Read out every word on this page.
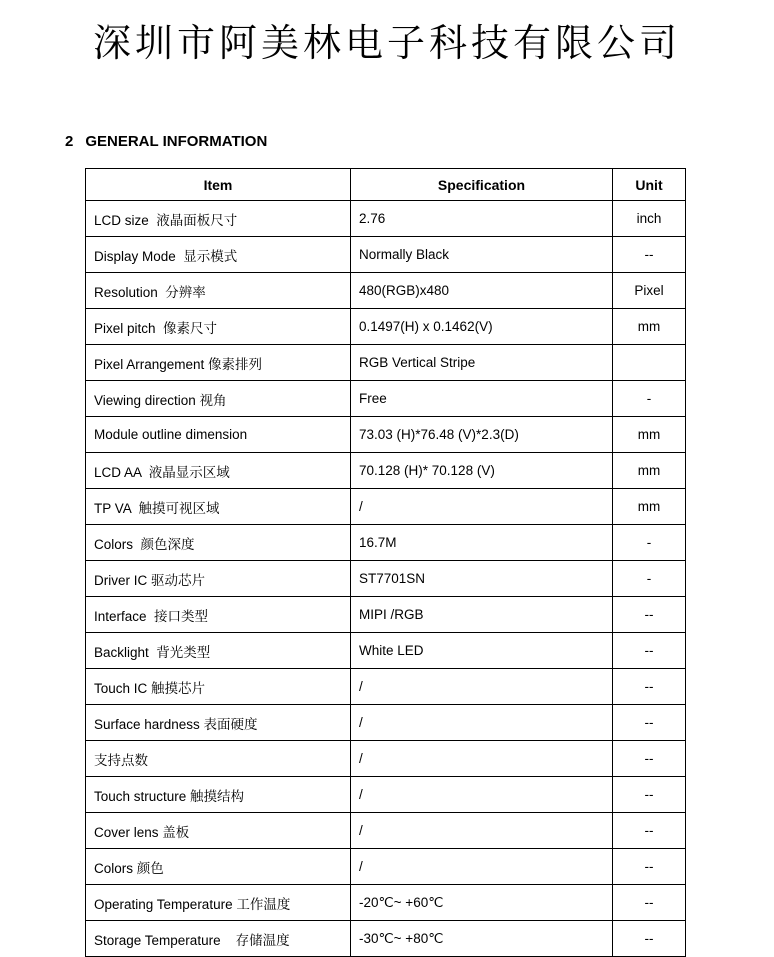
深圳市阿美林电子科技有限公司
2 GENERAL INFORMATION
Item	Specification	Unit
LCD size  液晶面板尺寸	2.76	inch
Display Mode  显示模式	Normally Black	--
Resolution  分辨率	480(RGB)x480	Pixel
Pixel pitch  像素尺寸	0.1497(H) x 0.1462(V)	mm
Pixel Arrangement 像素排列	RGB Vertical Stripe	
Viewing direction 视角	Free	-
Module outline dimension	73.03 (H)*76.48 (V)*2.3(D)	mm
LCD AA  液晶显示区域	70.128 (H)* 70.128 (V)	mm
TP VA  触摸可视区域	/	mm
Colors  颜色深度	16.7M	-
Driver IC 驱动芯片	ST7701SN	-
Interface  接口类型	MIPI /RGB	--
Backlight  背光类型	White LED	--
Touch IC 触摸芯片	/	--
Surface hardness 表面硬度	/	--
支持点数	/	--
Touch structure 触摸结构	/	--
Cover lens 盖板	/	--
Colors 颜色	/	--
Operating Temperature 工作温度	-20℃~ +60℃	--
Storage Temperature    存储温度	-30℃~ +80℃	--
